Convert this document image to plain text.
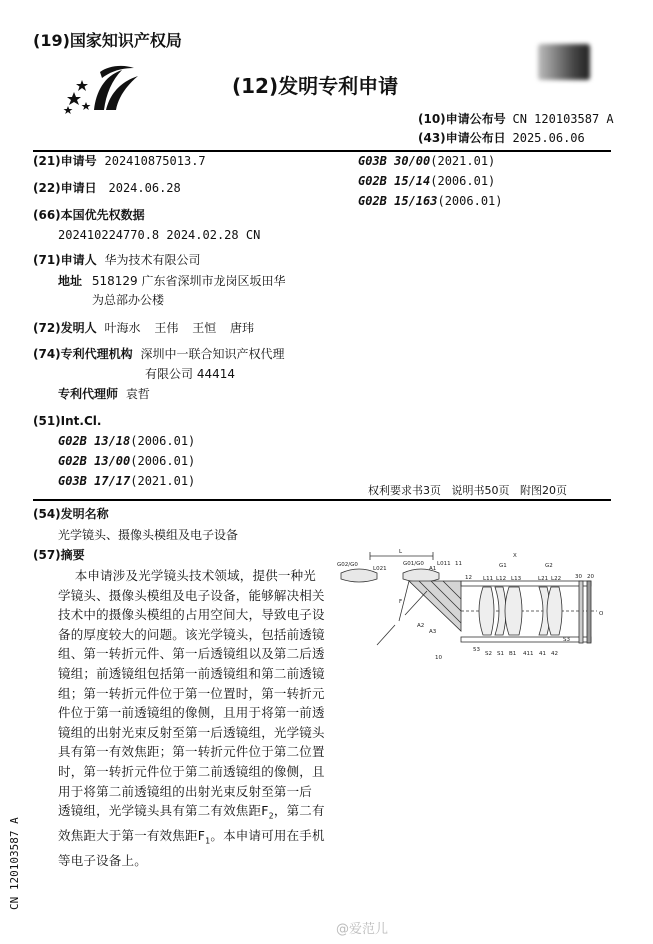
(19)国家知识产权局
(12)发明专利申请
(10)申请公布号 CN 120103587 A
(43)申请公布日 2025.06.06
(21)申请号 202410875013.7
(22)申请日 2024.06.28
(66)本国优先权数据
202410224770.8 2024.02.28 CN
(71)申请人 华为技术有限公司
地址 518129 广东省深圳市龙岗区坂田华
为总部办公楼
(72)发明人 叶海水 王伟 王恒 唐玮
(74)专利代理机构 深圳中一联合知识产权代理
有限公司 44414
专利代理师 袁哲
(51)Int.Cl.
G02B 13/18(2006.01)
G02B 13/00(2006.01)
G03B 17/17(2021.01)
G03B 30/00(2021.01)
G02B 15/14(2006.01)
G02B 15/163(2006.01)
权利要求书3页   说明书50页   附图20页
(54)发明名称
光学镜头、摄像头模组及电子设备
(57)摘要
本申请涉及光学镜头技术领域，提供一种光
学镜头、摄像头模组及电子设备，能够解决相关
技术中的摄像头模组的占用空间大，导致电子设
备的厚度较大的问题。该光学镜头，包括前透镜
组、第一转折元件、第一后透镜组以及第二后透
镜组；前透镜组包括第一前透镜组和第二前透镜
组；第一转折元件位于第一位置时，第一转折元
件位于第一前透镜组的像侧，且用于将第一前透
镜组的出射光束反射至第一后透镜组，光学镜头
具有第一有效焦距；第一转折元件位于第二位置
时，第一转折元件位于第二前透镜组的像侧，且
用于将第二前透镜组的出射光束反射至第一后
透镜组，光学镜头具有第二有效焦距$F_2$，第二有
效焦距大于第一有效焦距$F_1$。本申请可用在手机
等电子设备上。
CN 120103587 A
G02/G0
L
L021
G01/G0
A1
L011 11
12
X
G1	G2
L11 L12 L13	L21 L22	30 20
F
A2
A3
S3
O
10
53
S2 S1 B1 411 41 42
@爱范儿
